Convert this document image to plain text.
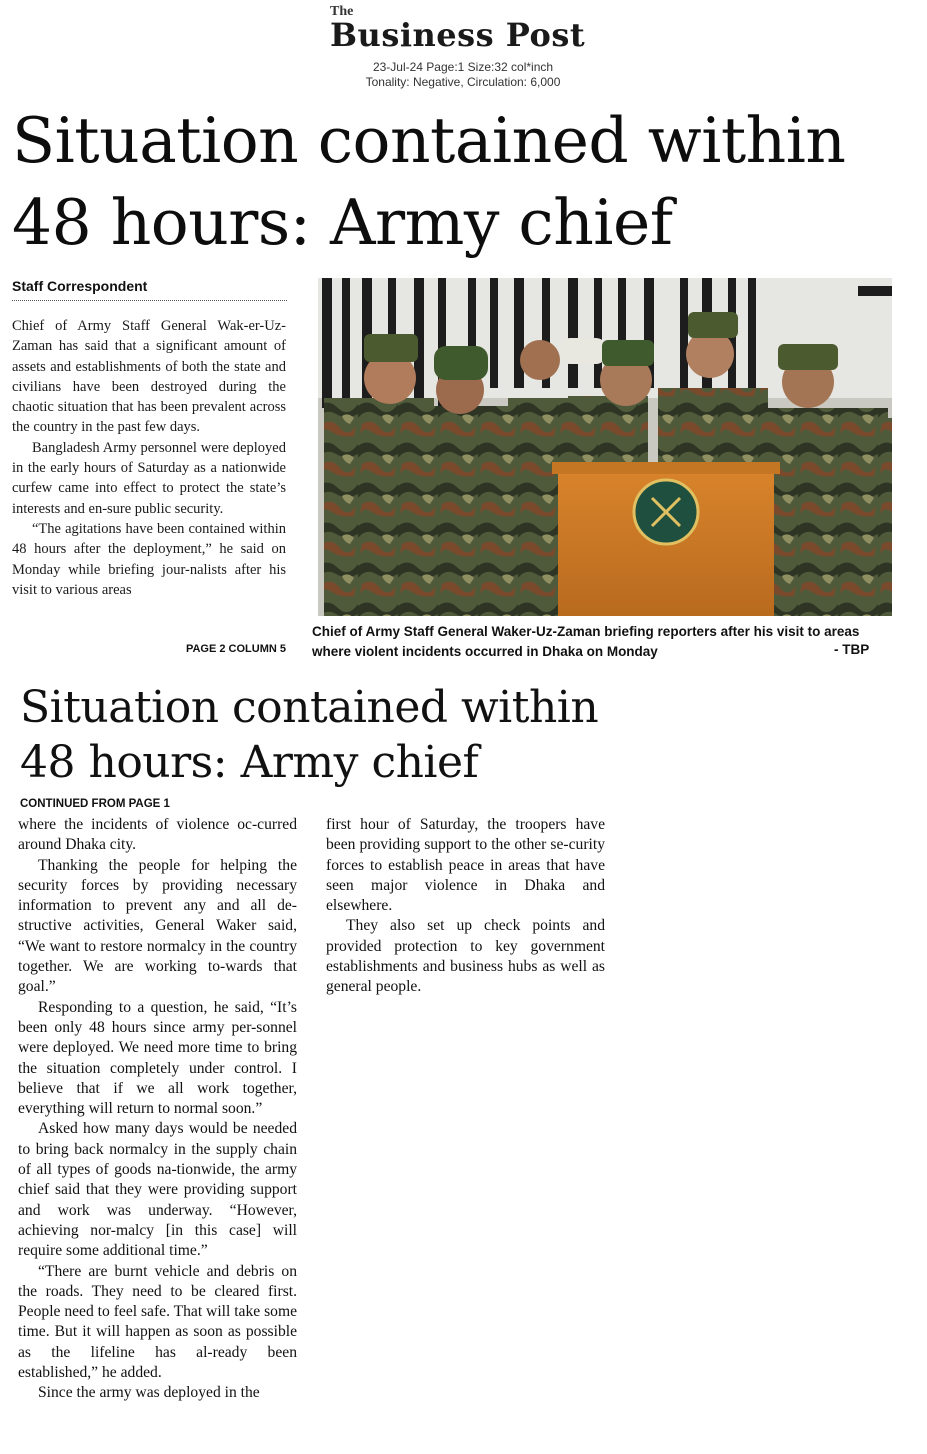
The
Business Post
23-Jul-24 Page:1 Size:32 col*inch
Tonality: Negative, Circulation: 6,000
Situation contained within
48 hours: Army chief
Staff Correspondent

Chief of Army Staff General Wak-er-Uz-Zaman has said that a significant amount of assets and establishments of both the state and civilians have been destroyed during the chaotic situation that has been prevalent across the country in the past few days.

Bangladesh Army personnel were deployed in the early hours of Saturday as a nationwide curfew came into effect to protect the state’s interests and en-sure public security.

“The agitations have been contained within 48 hours after the deployment,” he said on Monday while briefing jour-nalists after his visit to various areas

PAGE 2 COLUMN 5
Chief of Army Staff General Waker-Uz-Zaman briefing reporters after his visit to areas where violent incidents occurred in Dhaka on Monday	- TBP
Situation contained within
48 hours: Army chief
CONTINUED FROM PAGE 1

where the incidents of violence oc-curred around Dhaka city.

Thanking the people for helping the security forces by providing necessary information to prevent any and all de-structive activities, General Waker said, “We want to restore normalcy in the country together. We are working to-wards that goal.”

Responding to a question, he said, “It’s been only 48 hours since army per-sonnel were deployed. We need more time to bring the situation completely under control. I believe that if we all work together, everything will return to normal soon.”

Asked how many days would be needed to bring back normalcy in the supply chain of all types of goods na-tionwide, the army chief said that they were providing support and work was underway. “However, achieving nor-malcy [in this case] will require some additional time.”

“There are burnt vehicle and debris on the roads. They need to be cleared first. People need to feel safe. That will take some time. But it will happen as soon as possible as the lifeline has al-ready been established,” he added.

Since the army was deployed in the

first hour of Saturday, the troopers have been providing support to the other se-curity forces to establish peace in areas that have seen major violence in Dhaka and elsewhere.

They also set up check points and provided protection to key government establishments and business hubs as well as general people.
